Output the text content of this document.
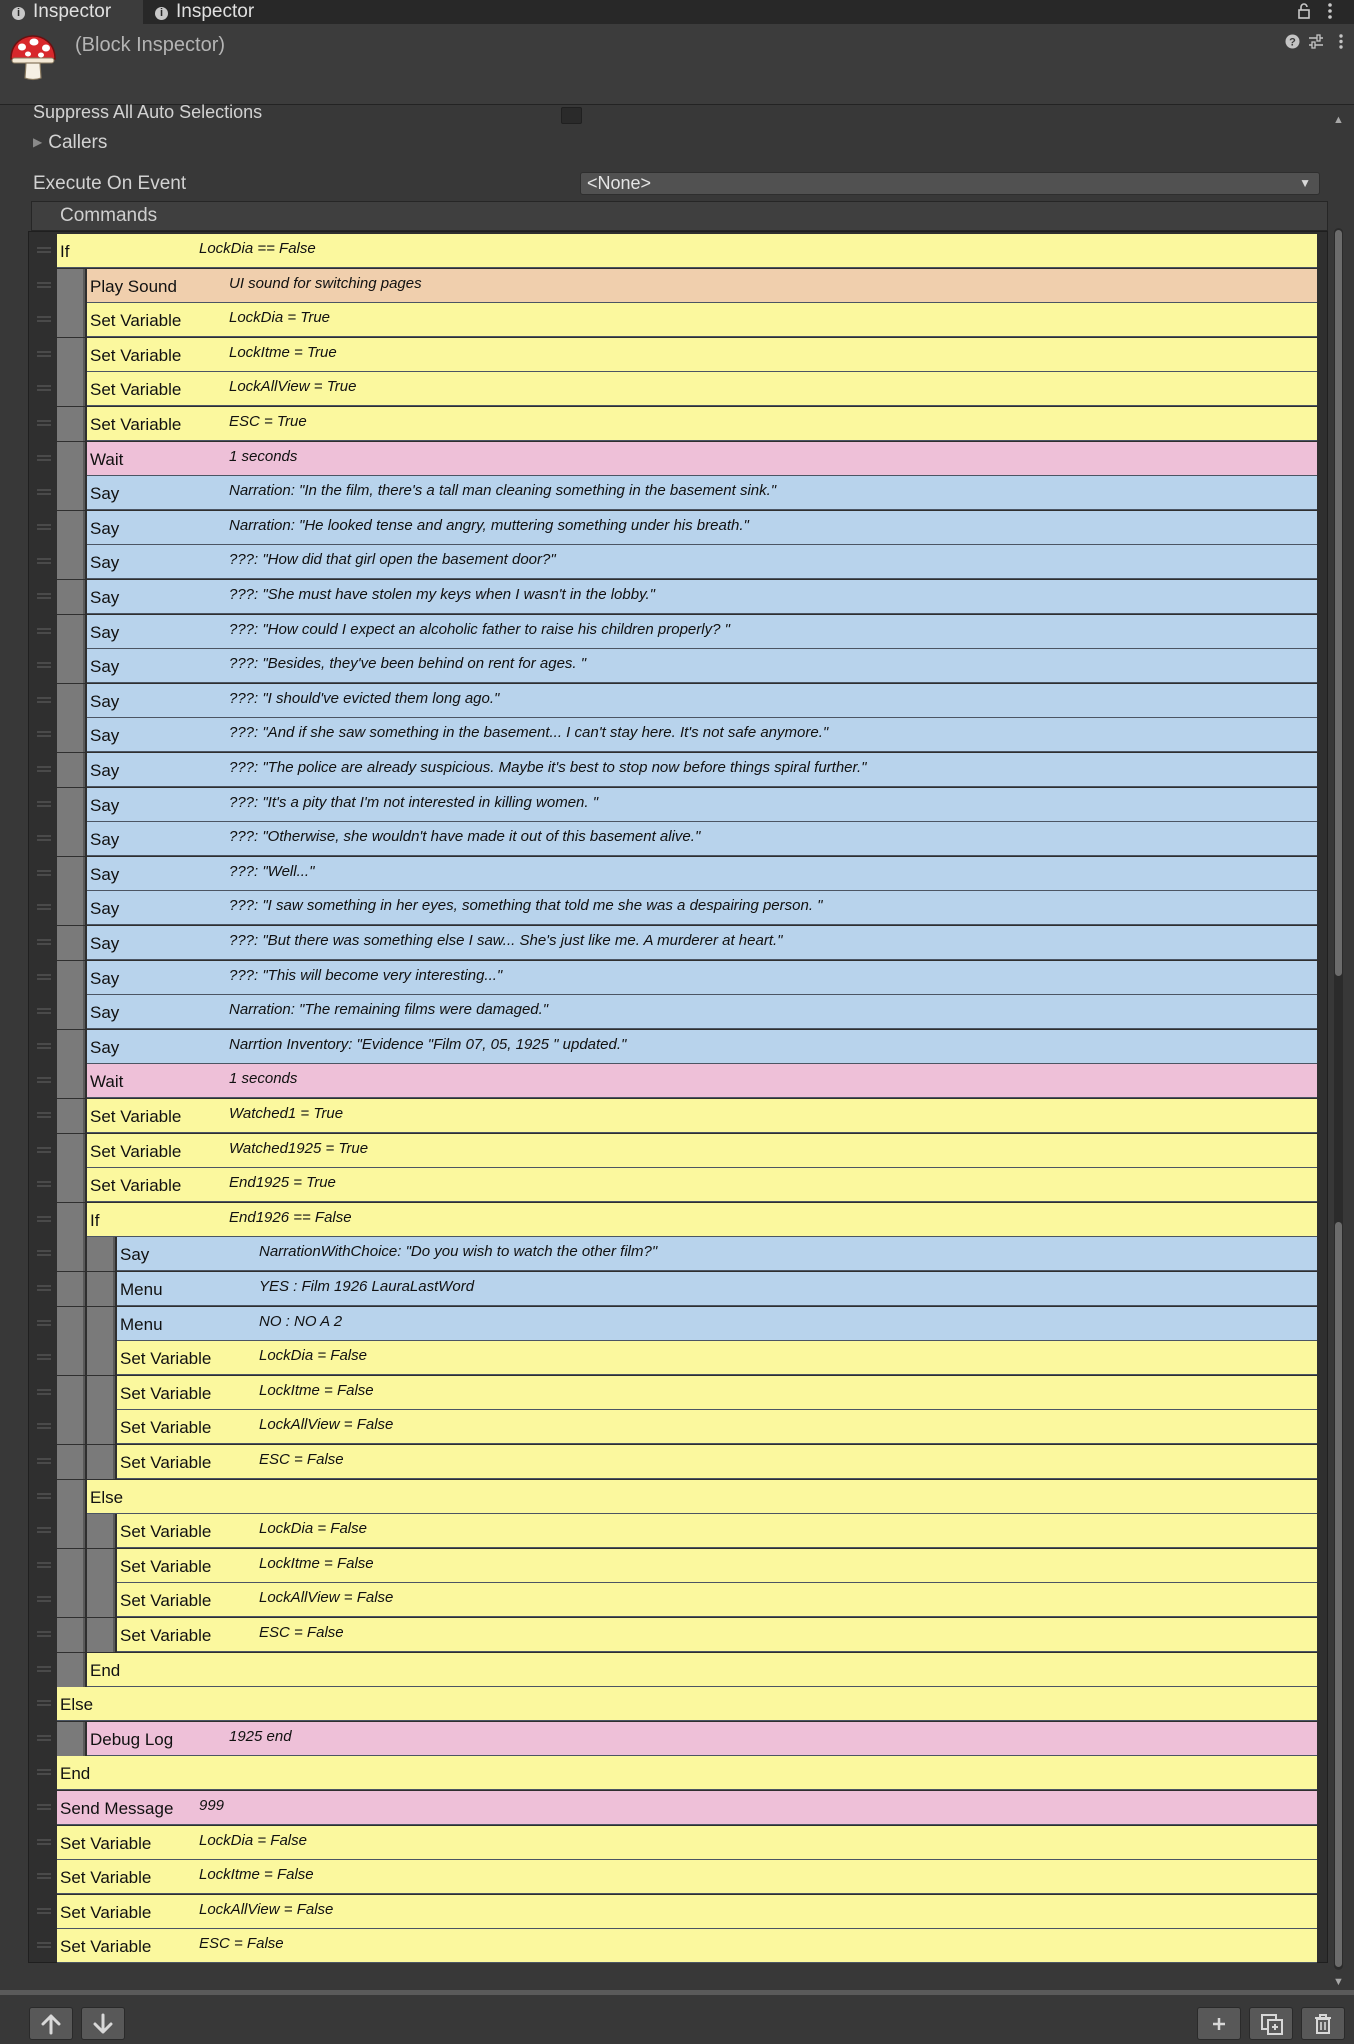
i Inspector	i Inspector
(Block Inspector)	?
Suppress All Auto Selections
▶ Callers
Execute On Event	<None>	▼
Commands
If	LockDia == False
Play Sound	UI sound for switching pages
Set Variable	LockDia = True
Set Variable	LockItme = True
Set Variable	LockAllView = True
Set Variable	ESC = True
Wait	1 seconds
Say	Narration: "In the film, there's a tall man cleaning something in the basement sink."
Say	Narration: "He looked tense and angry, muttering something under his breath."
Say	???: "How did that girl open the basement door?"
Say	???: "She must have stolen my keys when I wasn't in the lobby."
Say	???: "How could I expect an alcoholic father to raise his children properly? "
Say	???: "Besides, they've been behind on rent for ages. "
Say	???: "I should've evicted them long ago."
Say	???: "And if she saw something in the basement... I can't stay here. It's not safe anymore."
Say	???: "The police are already suspicious. Maybe it's best to stop now before things spiral further."
Say	???: "It's a pity that I'm not interested in killing women. "
Say	???: "Otherwise, she wouldn't have made it out of this basement alive."
Say	???: "Well..."
Say	???: "I saw something in her eyes, something that told me she was a despairing person. "
Say	???: "But there was something else I saw... She's just like me. A murderer at heart."
Say	???: "This will become very interesting..."
Say	Narration: "The remaining films were damaged."
Say	Narrtion Inventory: "Evidence "Film 07, 05, 1925 " updated."
Wait	1 seconds
Set Variable	Watched1 = True
Set Variable	Watched1925 = True
Set Variable	End1925 = True
If	End1926 == False
Say	NarrationWithChoice: "Do you wish to watch the other film?"
Menu	YES : Film 1926 LauraLastWord
Menu	NO : NO A 2
Set Variable	LockDia = False
Set Variable	LockItme = False
Set Variable	LockAllView = False
Set Variable	ESC = False
Else
Set Variable	LockDia = False
Set Variable	LockItme = False
Set Variable	LockAllView = False
Set Variable	ESC = False
End
Else
Debug Log	1925 end
End
Send Message 999
Set Variable	LockDia = False
Set Variable	LockItme = False
Set Variable	LockAllView = False
Set Variable	ESC = False
▲
▼
